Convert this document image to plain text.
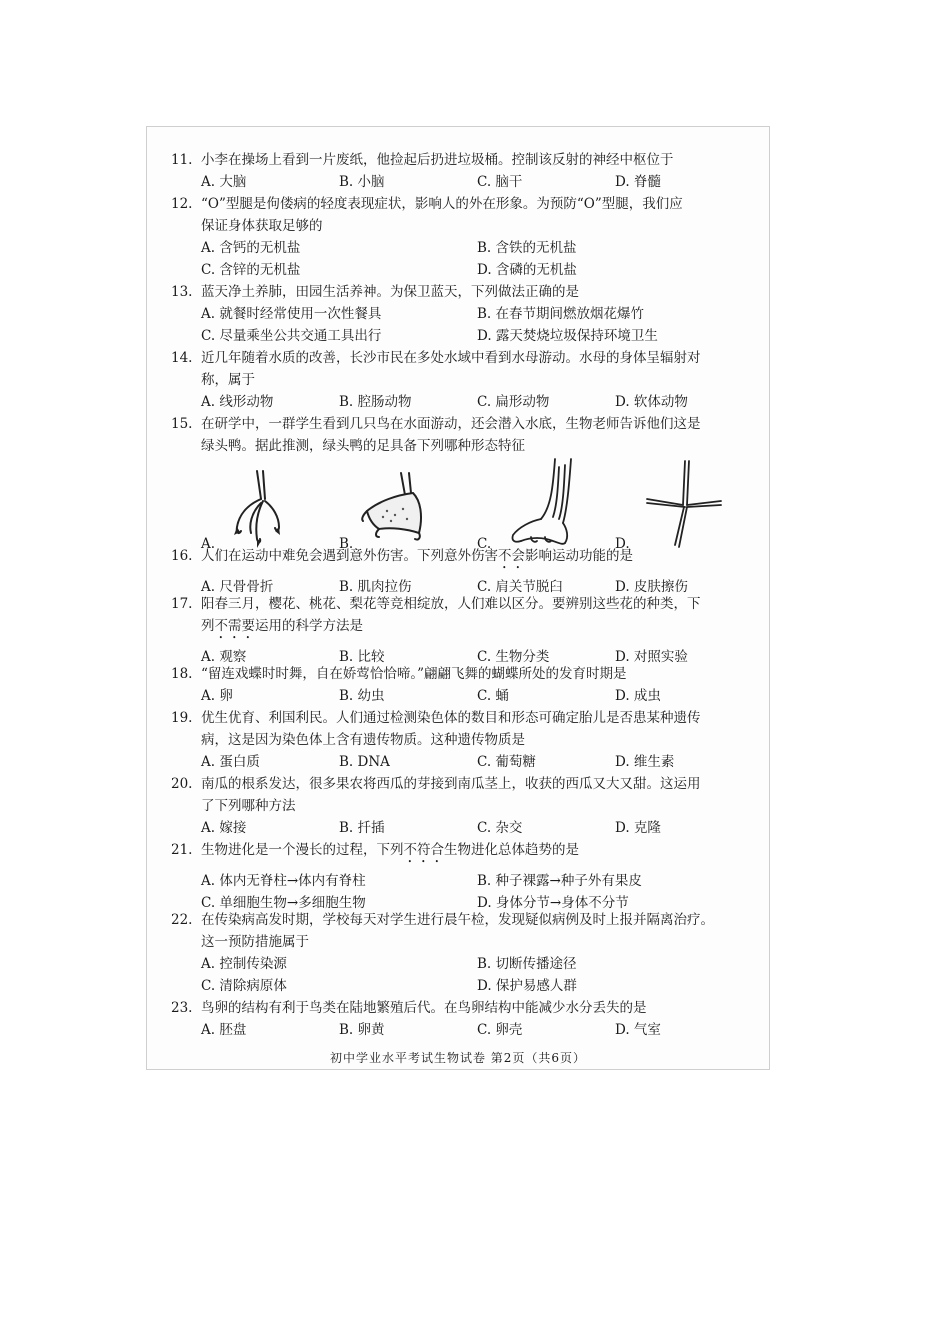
11. 小李在操场上看到一片废纸，他捡起后扔进垃圾桶。控制该反射的神经中枢位于
A. 大脑	B. 小脑	C. 脑干	D. 脊髓
12. “O”型腿是佝偻病的轻度表现症状，影响人的外在形象。为预防“O”型腿，我们应
保证身体获取足够的
A. 含钙的无机盐	B. 含铁的无机盐
C. 含锌的无机盐	D. 含磷的无机盐
13. 蓝天净土养肺，田园生活养神。为保卫蓝天，下列做法正确的是
A. 就餐时经常使用一次性餐具	B. 在春节期间燃放烟花爆竹
C. 尽量乘坐公共交通工具出行	D. 露天焚烧垃圾保持环境卫生
14. 近几年随着水质的改善，长沙市民在多处水域中看到水母游动。水母的身体呈辐射对
称，属于
A. 线形动物	B. 腔肠动物	C. 扁形动物	D. 软体动物
15. 在研学中，一群学生看到几只鸟在水面游动，还会潜入水底，生物老师告诉他们这是
绿头鸭。据此推测，绿头鸭的足具备下列哪种形态特征
A.	B.	C.	D.
16. 人们在运动中难免会遇到意外伤害。下列意外伤害不会影响运动功能的是
A. 尺骨骨折	B. 肌肉拉伤	C. 肩关节脱臼	D. 皮肤擦伤
17. 阳春三月，樱花、桃花、梨花等竞相绽放，人们难以区分。要辨别这些花的种类，下
列不需要运用的科学方法是
A. 观察	B. 比较	C. 生物分类	D. 对照实验
18. “留连戏蝶时时舞，自在娇莺恰恰啼。”翩翩飞舞的蝴蝶所处的发育时期是
A. 卵	B. 幼虫	C. 蛹	D. 成虫
19. 优生优育、利国利民。人们通过检测染色体的数目和形态可确定胎儿是否患某种遗传
病，这是因为染色体上含有遗传物质。这种遗传物质是
A. 蛋白质	B. DNA	C. 葡萄糖	D. 维生素
20. 南瓜的根系发达，很多果农将西瓜的芽接到南瓜茎上，收获的西瓜又大又甜。这运用
了下列哪种方法
A. 嫁接	B. 扦插	C. 杂交	D. 克隆
21. 生物进化是一个漫长的过程，下列不符合生物进化总体趋势的是
A. 体内无脊柱→体内有脊柱	B. 种子裸露→种子外有果皮
C. 单细胞生物→多细胞生物	D. 身体分节→身体不分节
22. 在传染病高发时期，学校每天对学生进行晨午检，发现疑似病例及时上报并隔离治疗。
这一预防措施属于
A. 控制传染源	B. 切断传播途径
C. 清除病原体	D. 保护易感人群
23. 鸟卵的结构有利于鸟类在陆地繁殖后代。在鸟卵结构中能减少水分丢失的是
A. 胚盘	B. 卵黄	C. 卵壳	D. 气室
初中学业水平考试生物试卷 第2页（共6页）
